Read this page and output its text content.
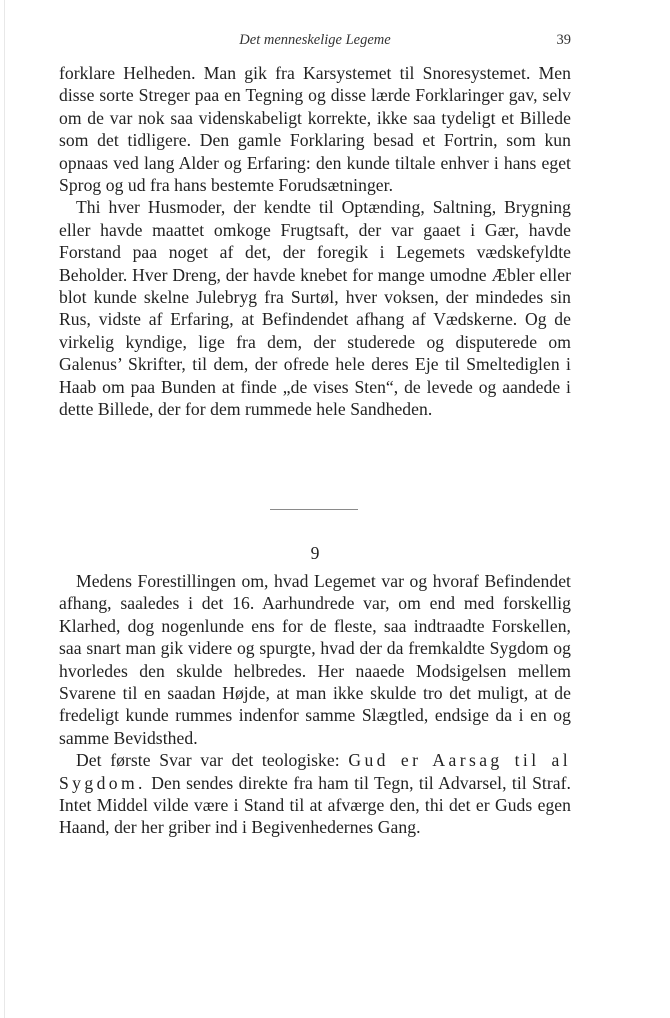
Det menneskelige Legeme	39

forklare Helheden. Man gik fra Karsystemet til Snoresystemet. Men disse sorte Streger paa en Tegning og disse lærde Forklaringer gav, selv om de var nok saa videnskabeligt korrekte, ikke saa tydeligt et Billede som det tidligere. Den gamle Forklaring besad et Fortrin, som kun opnaas ved lang Alder og Erfaring: den kunde tiltale enhver i hans eget Sprog og ud fra hans bestemte Forudsætninger.

Thi hver Husmoder, der kendte til Optænding, Saltning, Brygning eller havde maattet omkoge Frugtsaft, der var gaaet i Gær, havde Forstand paa noget af det, der foregik i Legemets vædskefyldte Beholder. Hver Dreng, der havde knebet for mange umodne Æbler eller blot kunde skelne Julebryg fra Surtøl, hver voksen, der mindedes sin Rus, vidste af Erfaring, at Befindendet afhang af Vædskerne. Og de virkelig kyndige, lige fra dem, der studerede og disputerede om Galenus’ Skrifter, til dem, der ofrede hele deres Eje til Smeltediglen i Haab om paa Bunden at finde „de vises Sten“, de levede og aandede i dette Billede, der for dem rummede hele Sandheden.

9

Medens Forestillingen om, hvad Legemet var og hvoraf Befindendet afhang, saaledes i det 16. Aarhundrede var, om end med forskellig Klarhed, dog nogenlunde ens for de fleste, saa indtraadte Forskellen, saa snart man gik videre og spurgte, hvad der da fremkaldte Sygdom og hvorledes den skulde helbredes. Her naaede Modsigelsen mellem Svarene til en saadan Højde, at man ikke skulde tro det muligt, at de fredeligt kunde rummes indenfor samme Slægtled, endsige da i en og samme Bevidsthed.

Det første Svar var det teologiske: Gud er Aarsag til al Sygdom. Den sendes direkte fra ham til Tegn, til Advarsel, til Straf. Intet Middel vilde være i Stand til at afværge den, thi det er Guds egen Haand, der her griber ind i Begivenhedernes Gang.
